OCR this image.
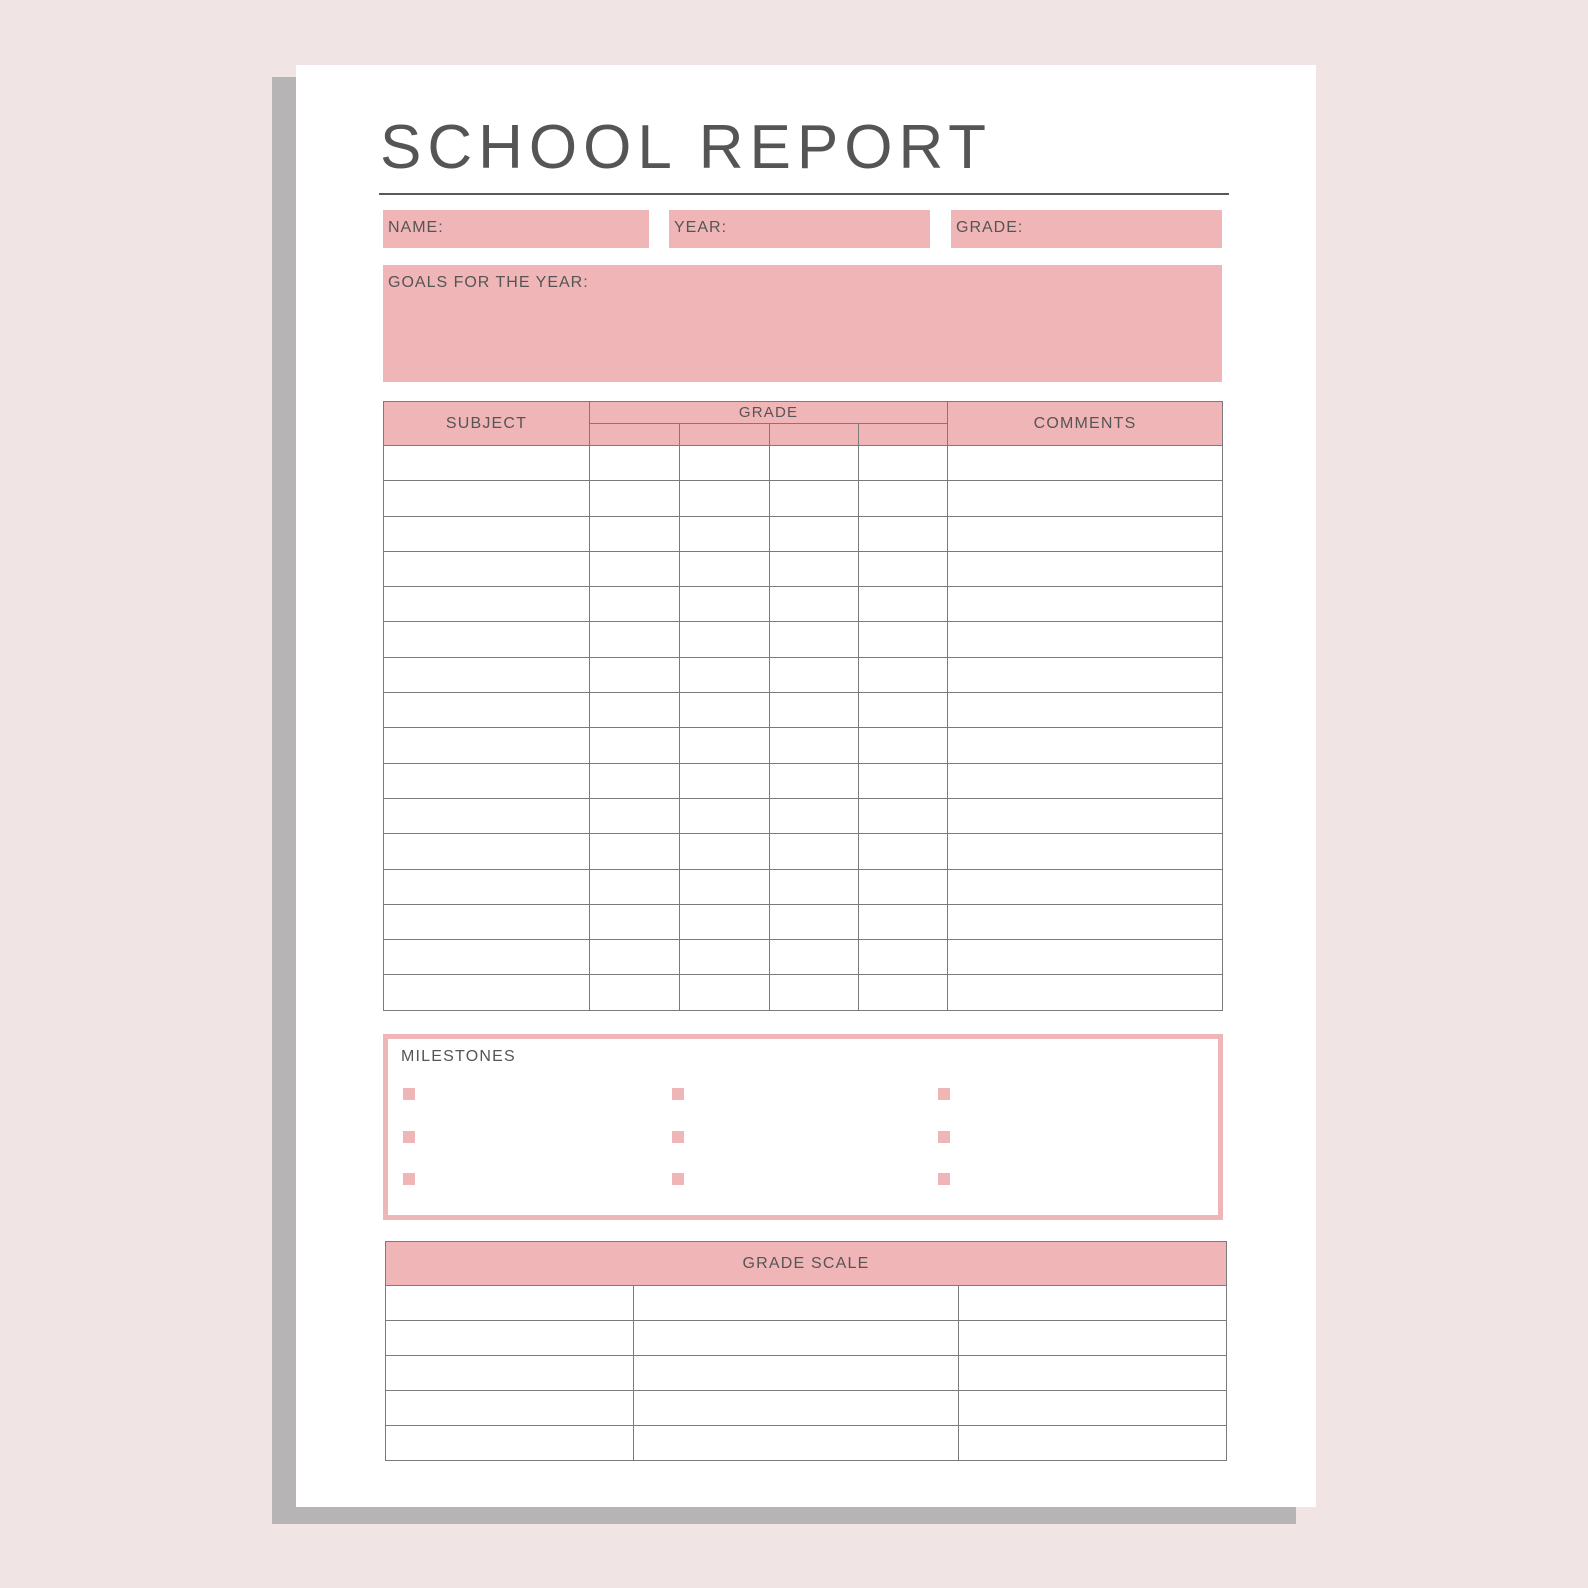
SCHOOL REPORT
NAME:	YEAR:	GRADE:
GOALS FOR THE YEAR:
SUBJECT	GRADE				COMMENTS

MILESTONES
GRADE SCALE		
